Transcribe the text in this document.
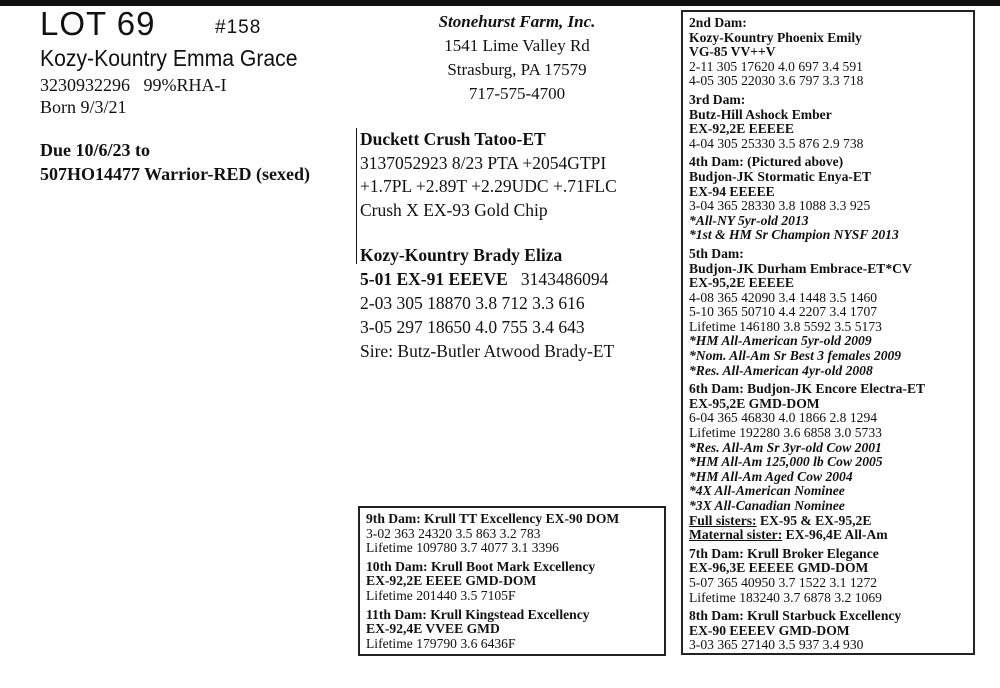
LOT 69	#158
Kozy-Kountry Emma Grace
3230932296 99%RHA-I
Born 9/3/21
Due 10/6/23 to
507HO14477 Warrior-RED (sexed)
Stonehurst Farm, Inc.
1541 Lime Valley Rd
Strasburg, PA 17579
717-575-4700
Duckett Crush Tatoo-ET
3137052923 8/23 PTA +2054GTPI
+1.7PL +2.89T +2.29UDC +.71FLC
Crush X EX-93 Gold Chip
Kozy-Kountry Brady Eliza
5-01 EX-91 EEEVE 3143486094
2-03 305 18870 3.8 712 3.3 616
3-05 297 18650 4.0 755 3.4 643
Sire: Butz-Butler Atwood Brady-ET
2nd Dam:
Kozy-Kountry Phoenix Emily
VG-85 VV++V
2-11 305 17620 4.0 697 3.4 591
4-05 305 22030 3.6 797 3.3 718
3rd Dam:
Butz-Hill Ashock Ember
EX-92,2E EEEEE
4-04 305 25330 3.5 876 2.9 738
4th Dam: (Pictured above)
Budjon-JK Stormatic Enya-ET
EX-94 EEEEE
3-04 365 28330 3.8 1088 3.3 925
*All-NY 5yr-old 2013
*1st & HM Sr Champion NYSF 2013
5th Dam:
Budjon-JK Durham Embrace-ET*CV
EX-95,2E EEEEE
4-08 365 42090 3.4 1448 3.5 1460
5-10 365 50710 4.4 2207 3.4 1707
Lifetime 146180 3.8 5592 3.5 5173
*HM All-American 5yr-old 2009
*Nom. All-Am Sr Best 3 females 2009
*Res. All-American 4yr-old 2008
6th Dam: Budjon-JK Encore Electra-ET
EX-95,2E GMD-DOM
6-04 365 46830 4.0 1866 2.8 1294
Lifetime 192280 3.6 6858 3.0 5733
*Res. All-Am Sr 3yr-old Cow 2001
*HM All-Am 125,000 lb Cow 2005
*HM All-Am Aged Cow 2004
*4X All-American Nominee
*3X All-Canadian Nominee
Full sisters: EX-95 & EX-95,2E
Maternal sister: EX-96,4E All-Am
7th Dam: Krull Broker Elegance
EX-96,3E EEEEE GMD-DOM
5-07 365 40950 3.7 1522 3.1 1272
Lifetime 183240 3.7 6878 3.2 1069
8th Dam: Krull Starbuck Excellency
EX-90 EEEEV GMD-DOM
3-03 365 27140 3.5 937 3.4 930
9th Dam: Krull TT Excellency EX-90 DOM
3-02 363 24320 3.5 863 3.2 783
Lifetime 109780 3.7 4077 3.1 3396
10th Dam: Krull Boot Mark Excellency
EX-92,2E EEEE GMD-DOM
Lifetime 201440 3.5 7105F
11th Dam: Krull Kingstead Excellency
EX-92,4E VVEE GMD
Lifetime 179790 3.6 6436F
